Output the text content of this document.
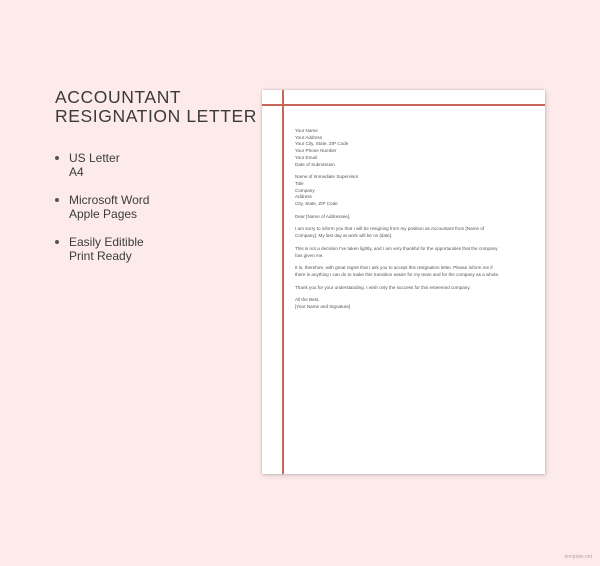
ACCOUNTANT
RESIGNATION LETTER
US Letter
A4
Microsoft Word
Apple Pages
Easily Editible
Print Ready
Your Name
Your Address
Your City, State, ZIP Code
Your Phone Number
Your Email
Date of Submission
Name of Immediate Supervisor
Title
Company
Address
City, State, ZIP Code
Dear [Name of Addressee],
I am sorry to inform you that I will be resigning from my position as Accountant from [Name of
Company]. My last day at work will be on [date].
This is not a decision I've taken lightly, and I am very thankful for the opportunities that the company
has given me.
It is, therefore, with great regret that I ask you to accept this resignation letter. Please inform me if
there is anything I can do to make this transition easier for my team and for the company as a whole.
Thank you for your understanding. I wish only the success for this esteemed company.
All the Best,
[Your Name and Signature]
template.net
